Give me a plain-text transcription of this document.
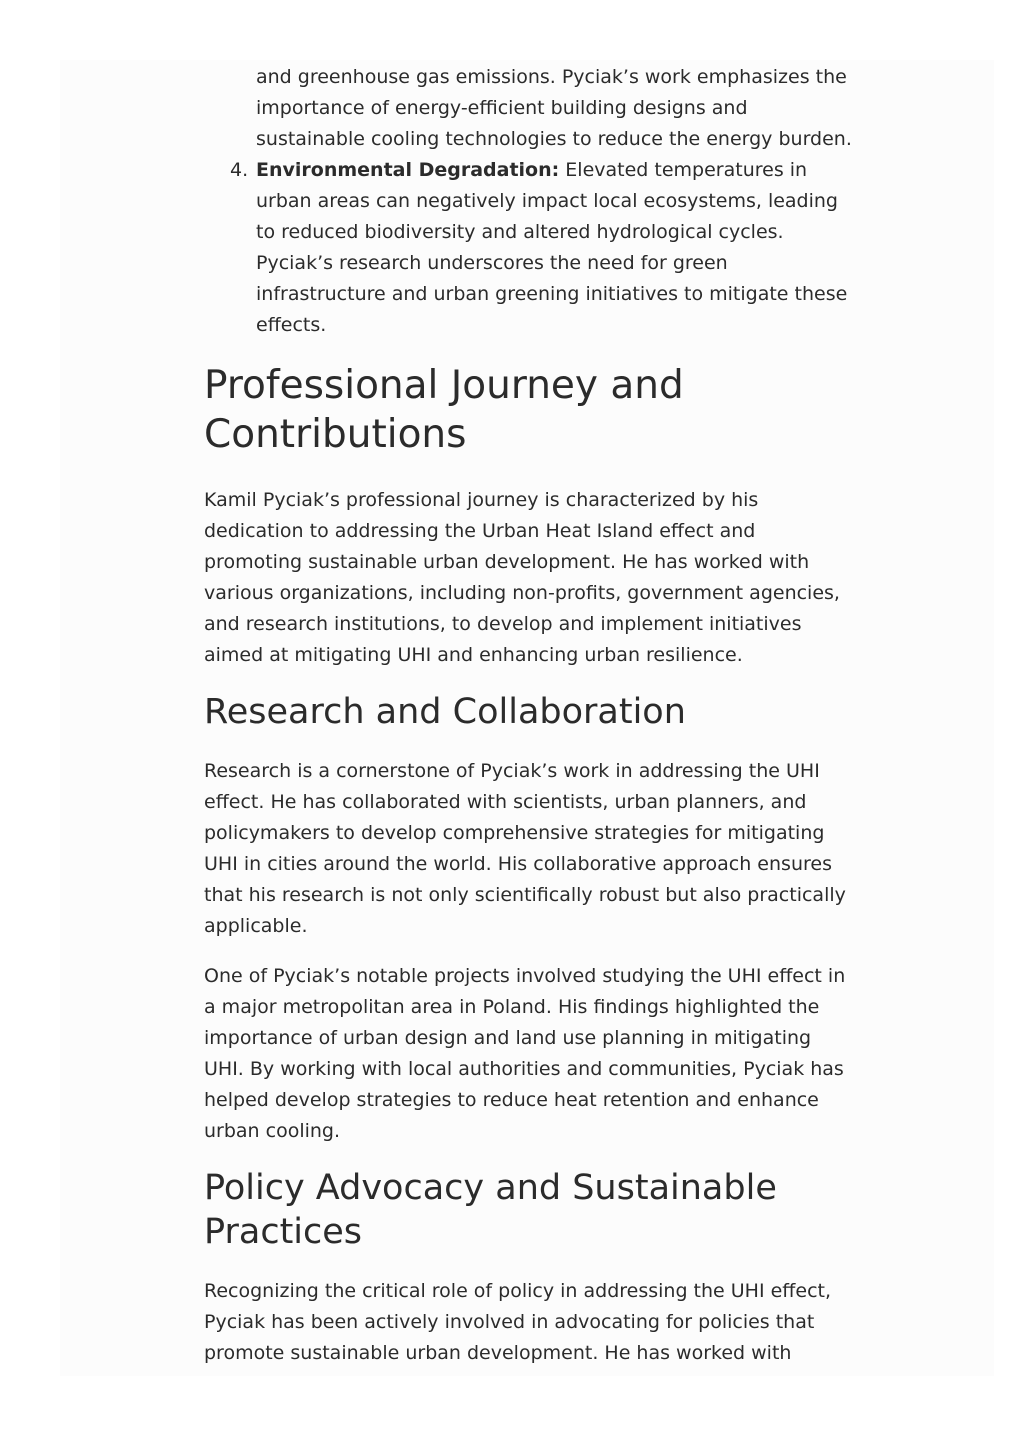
and greenhouse gas emissions. Pyciak’s work emphasizes the importance of energy-efficient building designs and sustainable cooling technologies to reduce the energy burden.

4. Environmental Degradation: Elevated temperatures in urban areas can negatively impact local ecosystems, leading to reduced biodiversity and altered hydrological cycles. Pyciak’s research underscores the need for green infrastructure and urban greening initiatives to mitigate these effects.
Professional Journey and Contributions

Kamil Pyciak’s professional journey is characterized by his dedication to addressing the Urban Heat Island effect and promoting sustainable urban development. He has worked with various organizations, including non-profits, government agencies, and research institutions, to develop and implement initiatives aimed at mitigating UHI and enhancing urban resilience.

Research and Collaboration

Research is a cornerstone of Pyciak’s work in addressing the UHI effect. He has collaborated with scientists, urban planners, and policymakers to develop comprehensive strategies for mitigating UHI in cities around the world. His collaborative approach ensures that his research is not only scientifically robust but also practically applicable.

One of Pyciak’s notable projects involved studying the UHI effect in a major metropolitan area in Poland. His findings highlighted the importance of urban design and land use planning in mitigating UHI. By working with local authorities and communities, Pyciak has helped develop strategies to reduce heat retention and enhance urban cooling.

Policy Advocacy and Sustainable Practices

Recognizing the critical role of policy in addressing the UHI effect, Pyciak has been actively involved in advocating for policies that promote sustainable urban development. He has worked with
